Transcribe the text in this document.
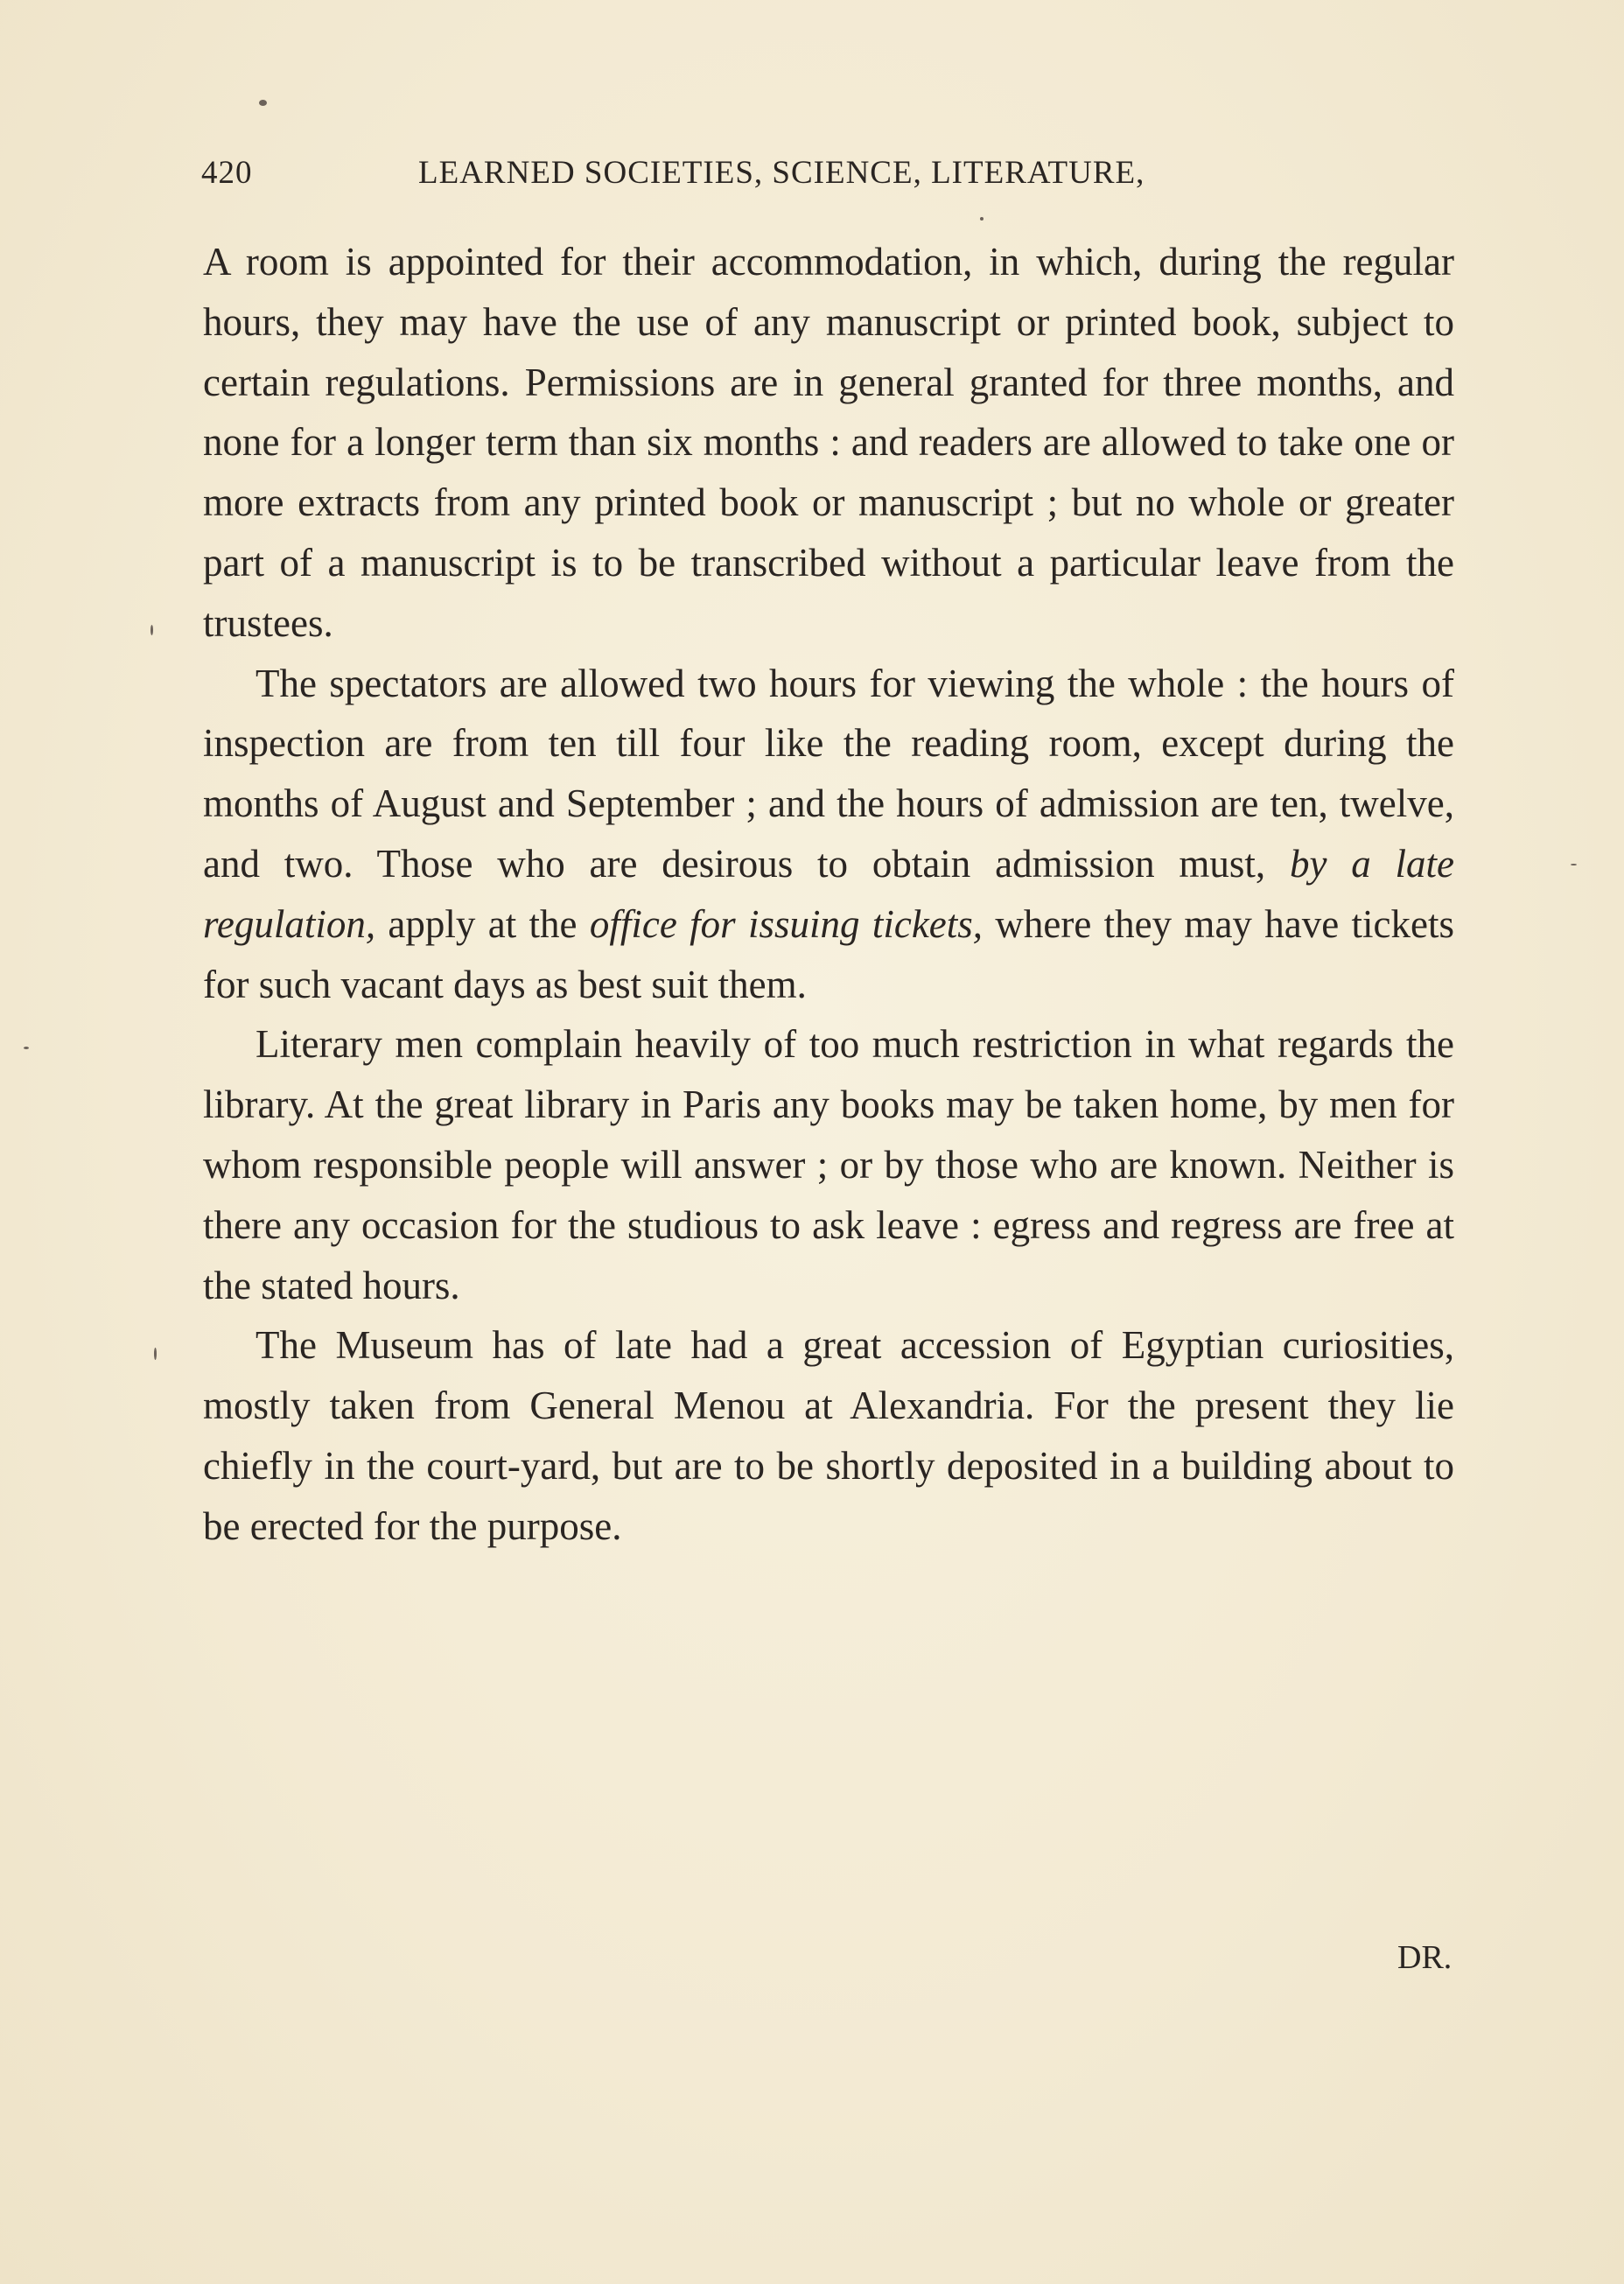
420	LEARNED SOCIETIES, SCIENCE, LITERATURE,

A room is appointed for their accommodation, in which, during the regular hours, they may have the use of any manuscript or printed book, subject to certain regulations. Permissions are in general granted for three months, and none for a longer term than six months : and readers are allowed to take one or more extracts from any printed book or manuscript ; but no whole or greater part of a manuscript is to be transcribed without a particular leave from the trustees.

The spectators are allowed two hours for viewing the whole : the hours of inspection are from ten till four like the reading room, except during the months of August and September ; and the hours of admission are ten, twelve, and two. Those who are desirous to obtain admission must, by a late regulation, apply at the office for issuing tickets, where they may have tickets for such vacant days as best suit them.

Literary men complain heavily of too much restriction in what regards the library. At the great library in Paris any books may be taken home, by men for whom responsible people will answer ; or by those who are known. Neither is there any occasion for the studious to ask leave : egress and regress are free at the stated hours.

The Museum has of late had a great accession of Egyptian curiosities, mostly taken from General Menou at Alexandria. For the present they lie chiefly in the court-yard, but are to be shortly deposited in a building about to be erected for the purpose.

DR.
